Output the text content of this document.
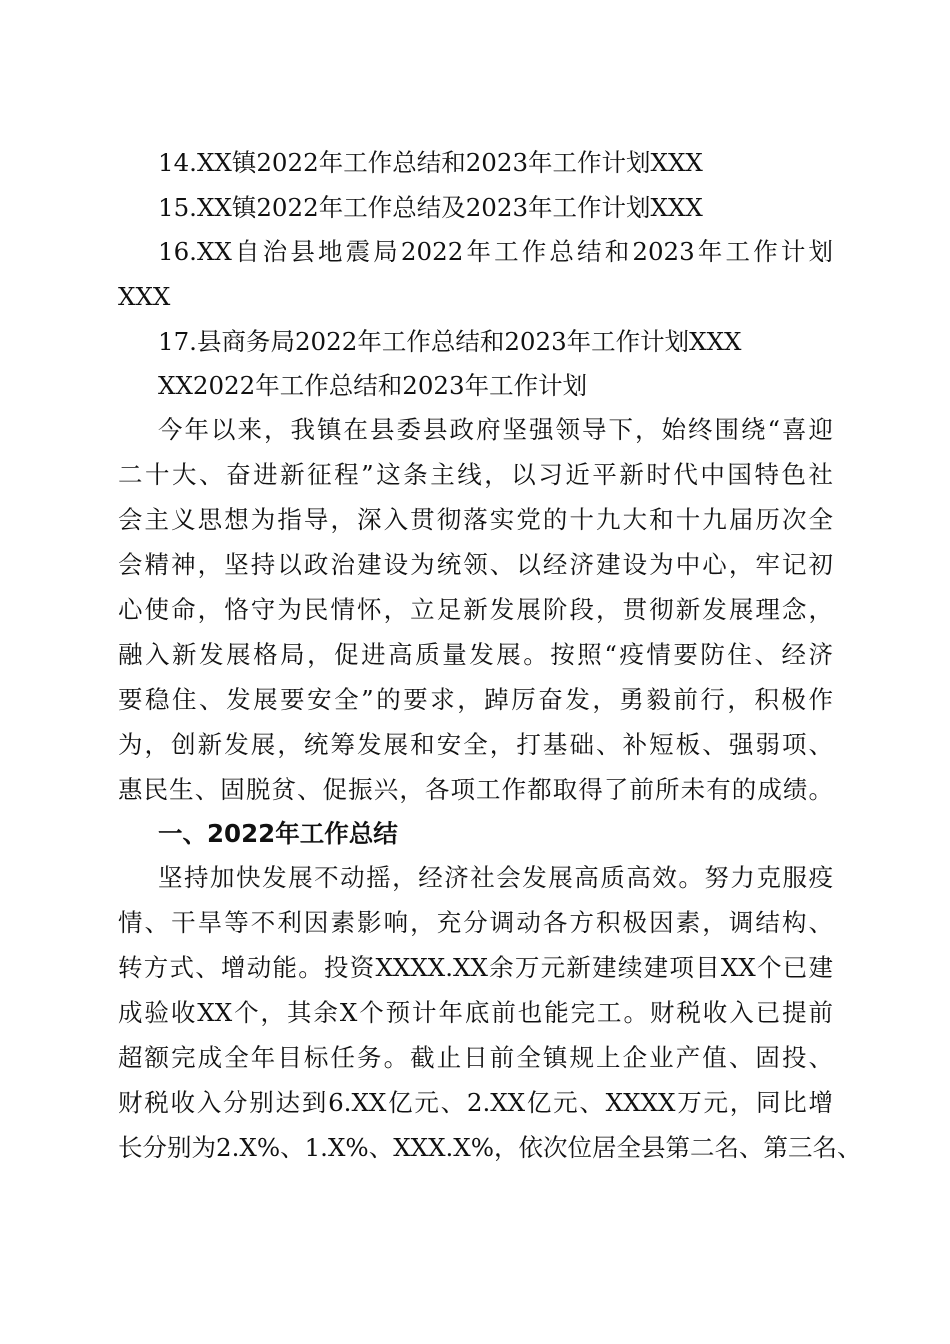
14.XX镇2022年工作总结和2023年工作计划XXX
15.XX镇2022年工作总结及2023年工作计划XXX
16.XX自治县地震局2022年工作总结和2023年工作计划
XXX
17.县商务局2022年工作总结和2023年工作计划XXX
XX2022年工作总结和2023年工作计划
今年以来，我镇在县委县政府坚强领导下，始终围绕“喜迎
二十大、奋进新征程”这条主线，以习近平新时代中国特色社
会主义思想为指导，深入贯彻落实党的十九大和十九届历次全
会精神，坚持以政治建设为统领、以经济建设为中心，牢记初
心使命，恪守为民情怀，立足新发展阶段，贯彻新发展理念，
融入新发展格局，促进高质量发展。按照“疫情要防住、经济
要稳住、发展要安全”的要求，踔厉奋发，勇毅前行，积极作
为，创新发展，统筹发展和安全，打基础、补短板、强弱项、
惠民生、固脱贫、促振兴，各项工作都取得了前所未有的成绩。
一、2022年工作总结
坚持加快发展不动摇，经济社会发展高质高效。努力克服疫
情、干旱等不利因素影响，充分调动各方积极因素，调结构、
转方式、增动能。投资XXXX.XX余万元新建续建项目XX个已建
成验收XX个，其余X个预计年底前也能完工。财税收入已提前
超额完成全年目标任务。截止日前全镇规上企业产值、固投、
财税收入分别达到6.XX亿元、2.XX亿元、XXXX万元，同比增
长分别为2.X%、1.X%、XXX.X%，依次位居全县第二名、第三名、
